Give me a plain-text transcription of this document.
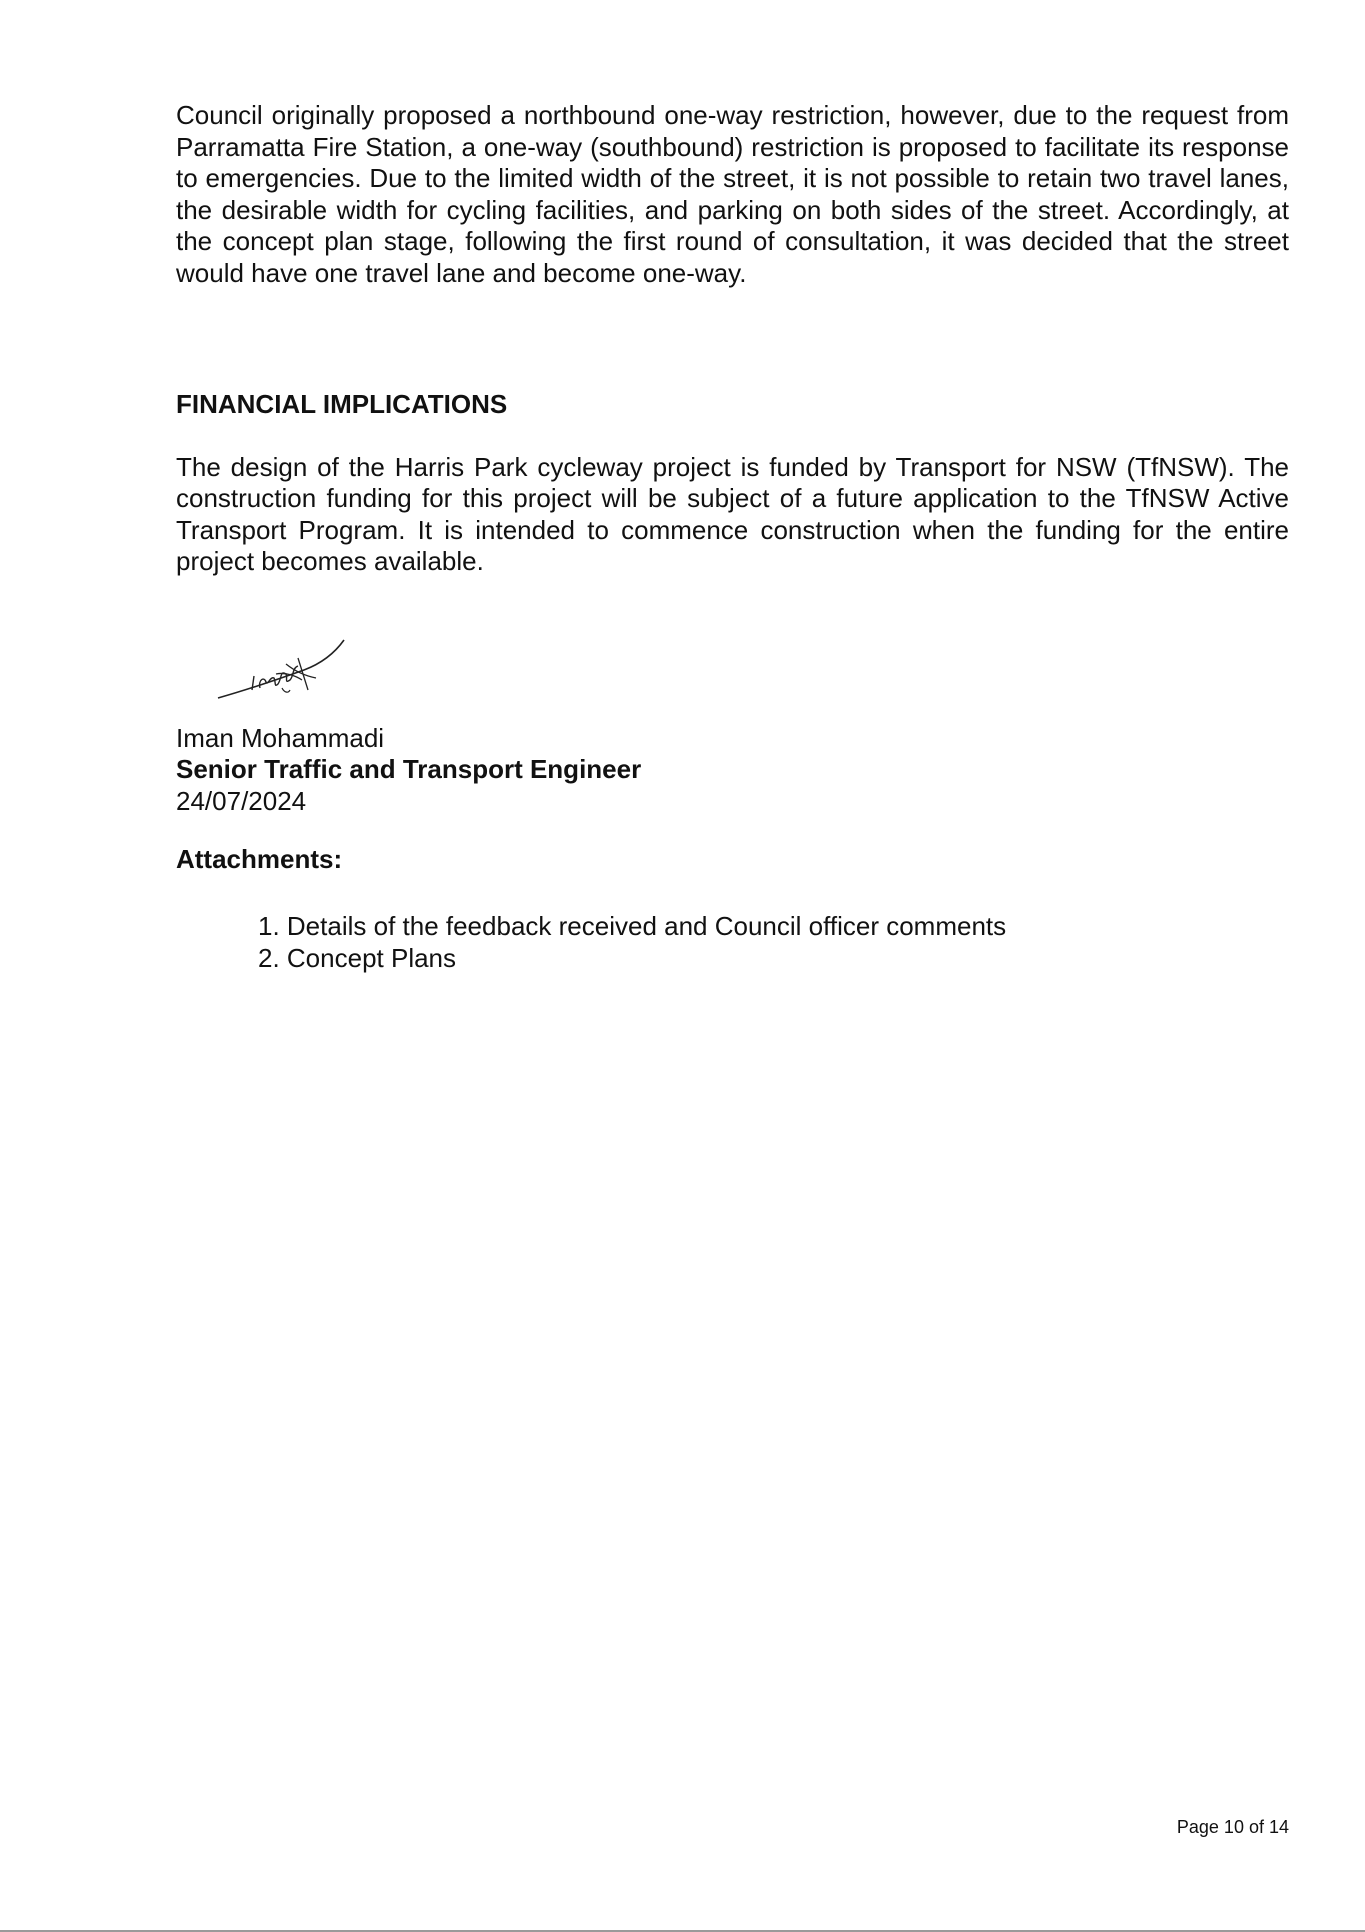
Council originally proposed a northbound one-way restriction, however, due to the request from Parramatta Fire Station, a one-way (southbound) restriction is proposed to facilitate its response to emergencies. Due to the limited width of the street, it is not possible to retain two travel lanes, the desirable width for cycling facilities, and parking on both sides of the street. Accordingly, at the concept plan stage, following the first round of consultation, it was decided that the street would have one travel lane and become one-way.

FINANCIAL IMPLICATIONS

The design of the Harris Park cycleway project is funded by Transport for NSW (TfNSW). The construction funding for this project will be subject of a future application to the TfNSW Active Transport Program. It is intended to commence construction when the funding for the entire project becomes available.

Iman Mohammadi

Senior Traffic and Transport Engineer

24/07/2024

Attachments:

1. Details of the feedback received and Council officer comments
2. Concept Plans
Page 10 of 14
